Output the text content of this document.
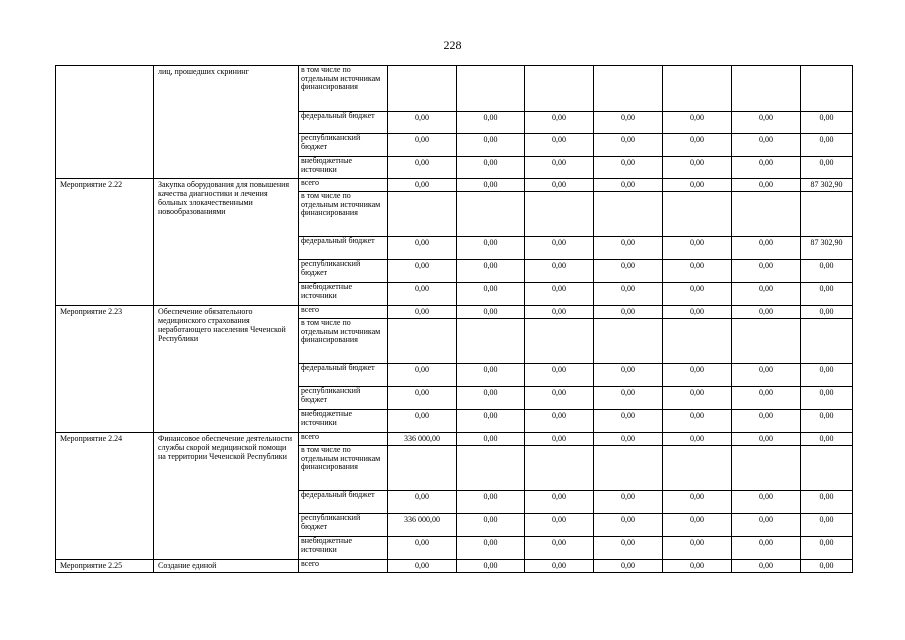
228
	лиц, прошедших скрининг	в том числе по отдельным источникам финансирования							
		федеральный бюджет	0,00	0,00	0,00	0,00	0,00	0,00	0,00
		республиканский бюджет	0,00	0,00	0,00	0,00	0,00	0,00	0,00
		внебюджетные источники	0,00	0,00	0,00	0,00	0,00	0,00	0,00
Мероприятие 2.22	Закупка оборудования для повышения качества диагностики и лечения больных злокачественными новообразованиями	всего	0,00	0,00	0,00	0,00	0,00	0,00	87 302,90
		в том числе по отдельным источникам финансирования							
		федеральный бюджет	0,00	0,00	0,00	0,00	0,00	0,00	87 302,90
		республиканский бюджет	0,00	0,00	0,00	0,00	0,00	0,00	0,00
		внебюджетные источники	0,00	0,00	0,00	0,00	0,00	0,00	0,00
Мероприятие 2.23	Обеспечение обязательного медицинского страхования неработающего населения Чеченской Республики	всего	0,00	0,00	0,00	0,00	0,00	0,00	0,00
		в том числе по отдельным источникам финансирования							
		федеральный бюджет	0,00	0,00	0,00	0,00	0,00	0,00	0,00
		республиканский бюджет	0,00	0,00	0,00	0,00	0,00	0,00	0,00
		внебюджетные источники	0,00	0,00	0,00	0,00	0,00	0,00	0,00
Мероприятие 2.24	Финансовое обеспечение деятельности службы скорой медицинской помощи на территории Чеченской Республики	всего	336 000,00	0,00	0,00	0,00	0,00	0,00	0,00
		в том числе по отдельным источникам финансирования							
		федеральный бюджет	0,00	0,00	0,00	0,00	0,00	0,00	0,00
		республиканский бюджет	336 000,00	0,00	0,00	0,00	0,00	0,00	0,00
		внебюджетные источники	0,00	0,00	0,00	0,00	0,00	0,00	0,00
Мероприятие 2.25	Создание единой	всего	0,00	0,00	0,00	0,00	0,00	0,00	0,00
